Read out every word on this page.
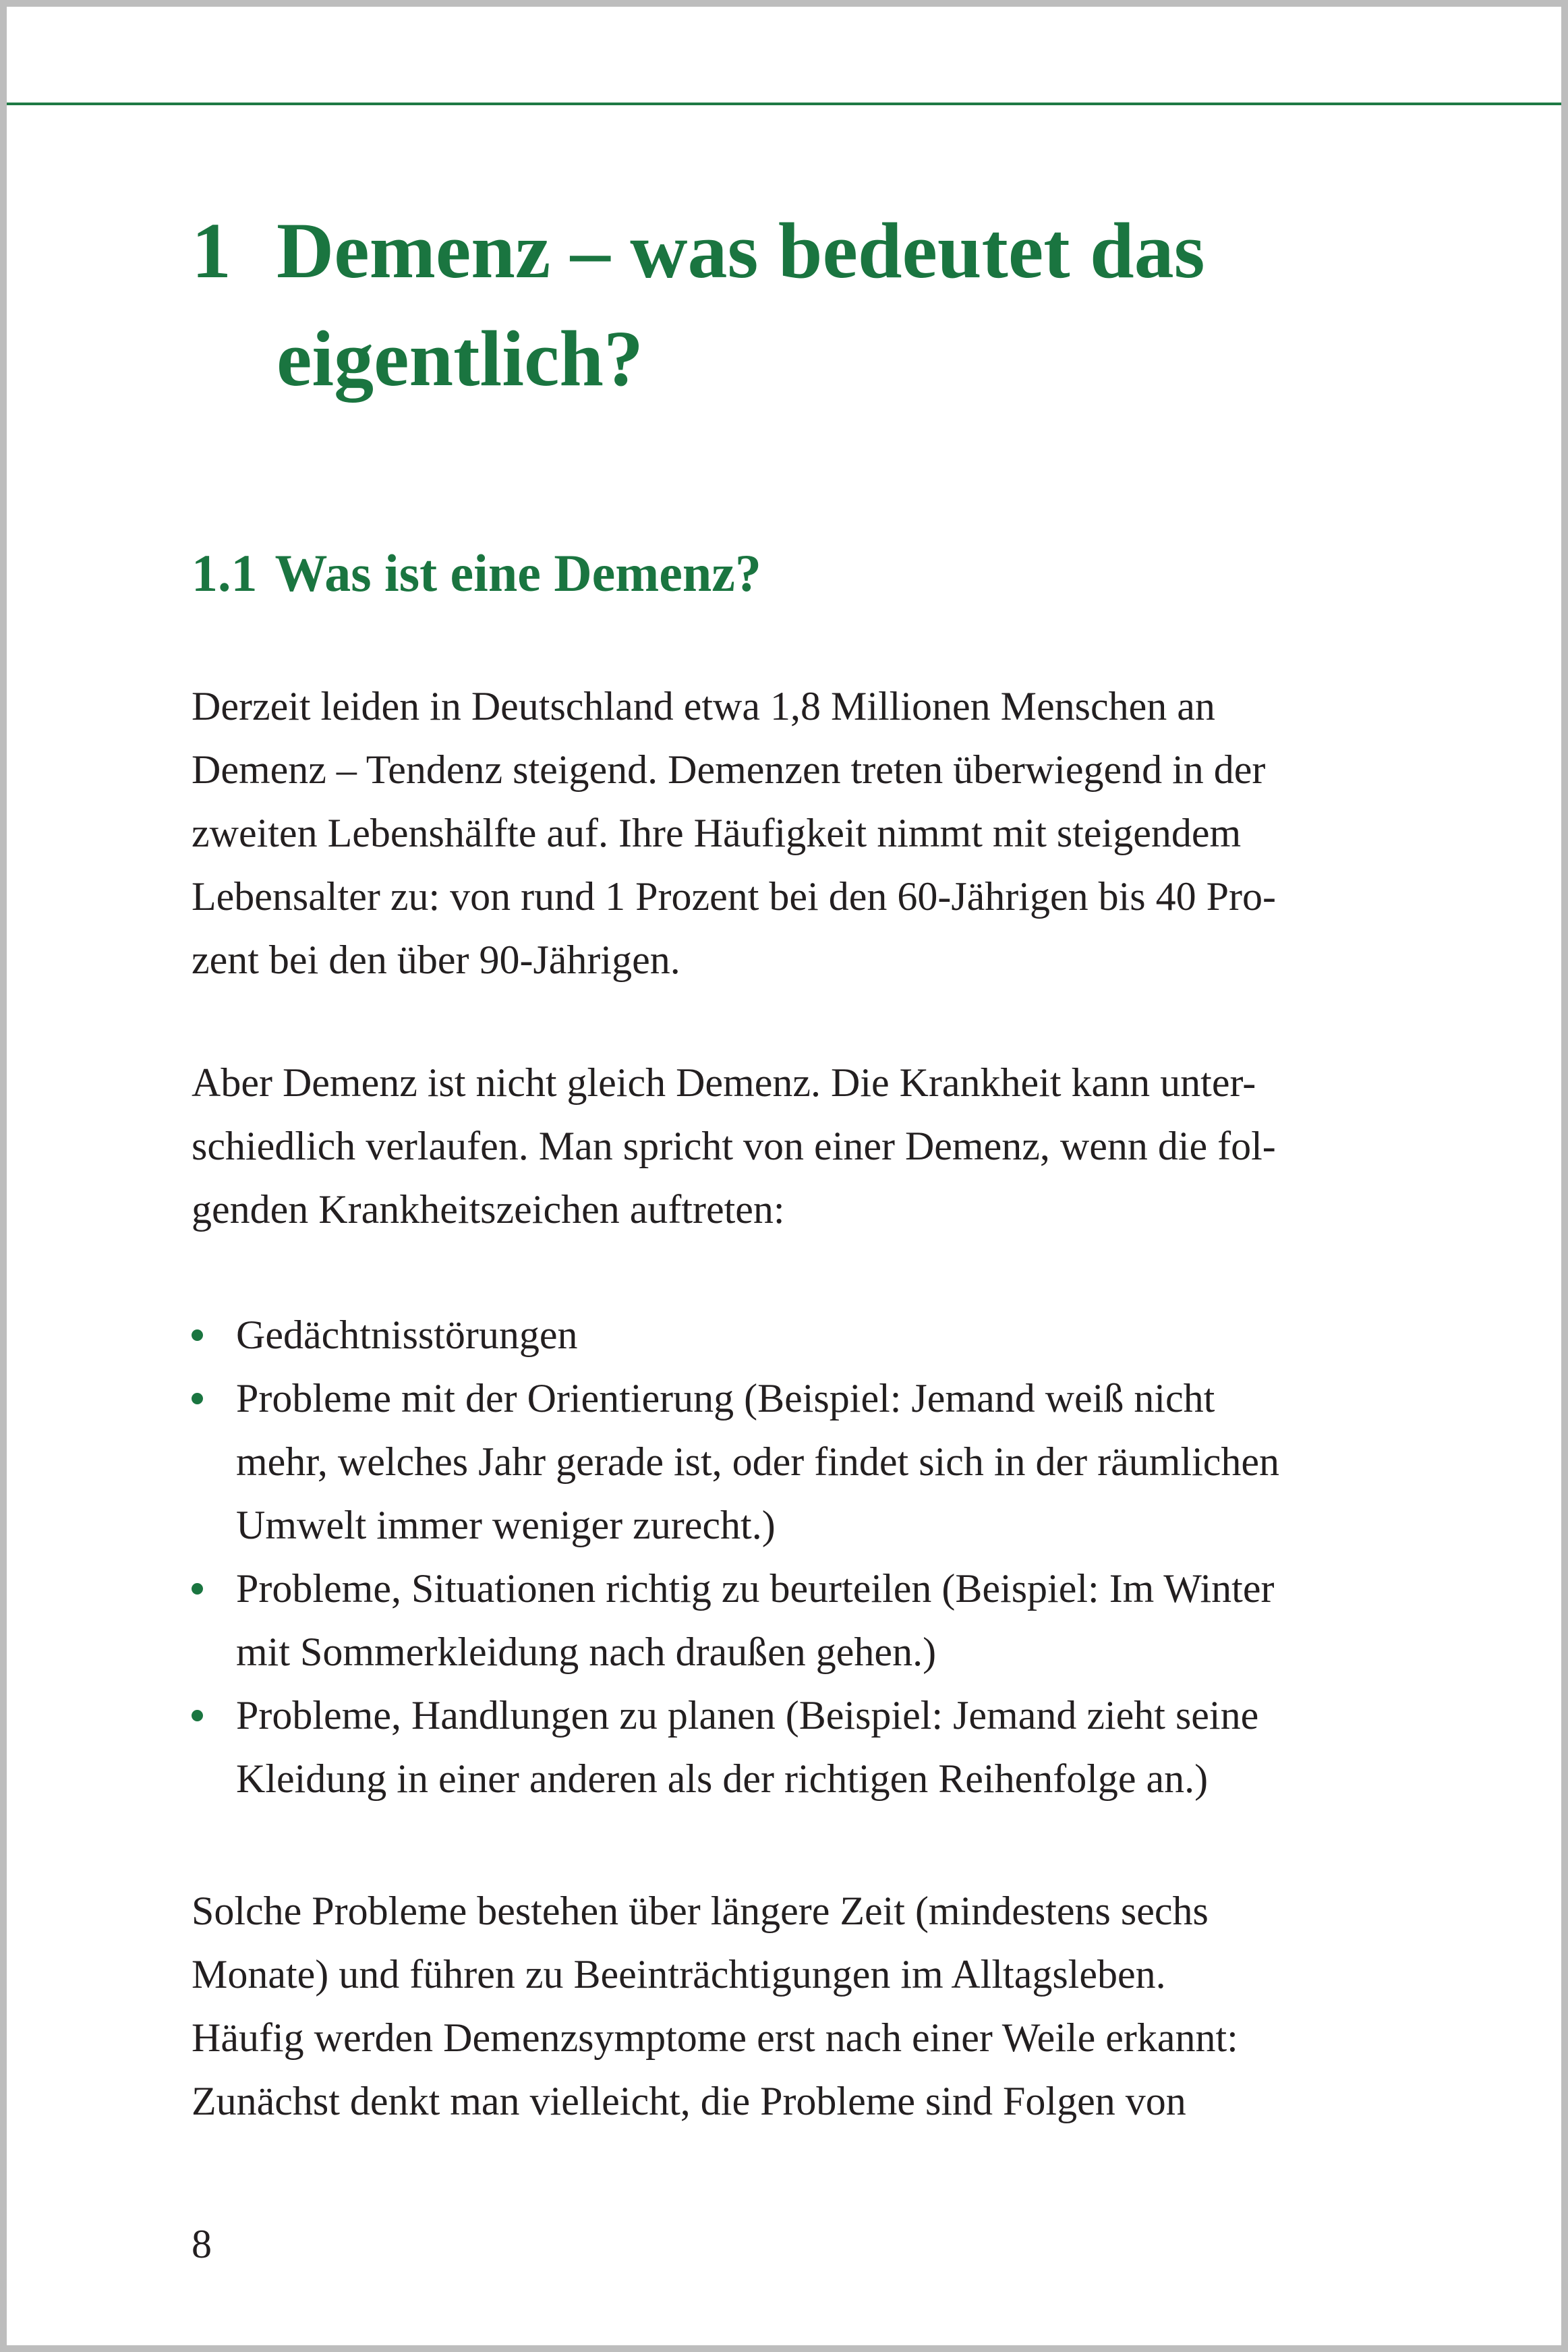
1 Demenz – was bedeutet das
eigentlich?
1.1 Was ist eine Demenz?

Derzeit leiden in Deutschland etwa 1,8 Millionen Menschen an
Demenz – Tendenz steigend. Demenzen treten überwiegend in der
zweiten Lebenshälfte auf. Ihre Häufigkeit nimmt mit steigendem
Lebensalter zu: von rund 1 Prozent bei den 60-Jährigen bis 40 Pro-
zent bei den über 90-Jährigen.

Aber Demenz ist nicht gleich Demenz. Die Krankheit kann unter-
schiedlich verlaufen. Man spricht von einer Demenz, wenn die fol-
genden Krankheitszeichen auftreten:

Gedächtnisstörungen
Probleme mit der Orientierung (Beispiel: Jemand weiß nicht
mehr, welches Jahr gerade ist, oder findet sich in der räumlichen
Umwelt immer weniger zurecht.)
Probleme, Situationen richtig zu beurteilen (Beispiel: Im Winter
mit Sommerkleidung nach draußen gehen.)
Probleme, Handlungen zu planen (Beispiel: Jemand zieht seine
Kleidung in einer anderen als der richtigen Reihenfolge an.)

Solche Probleme bestehen über längere Zeit (mindestens sechs
Monate) und führen zu Beeinträchtigungen im Alltagsleben.
Häufig werden Demenzsymptome erst nach einer Weile erkannt:
Zunächst denkt man vielleicht, die Probleme sind Folgen von

8
